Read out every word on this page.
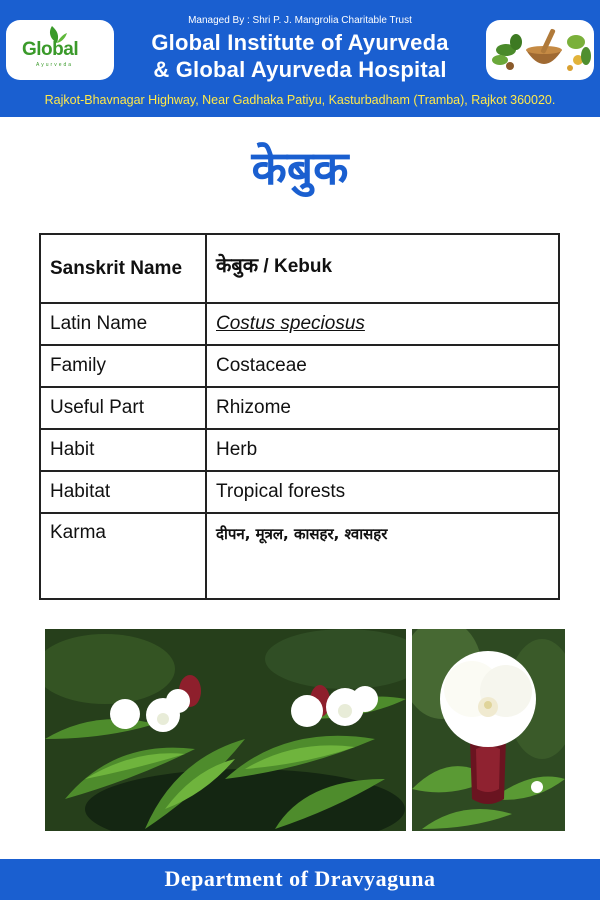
Global
Ayurveda
Managed By : Shri P. J. Mangrolia Charitable Trust
Global Institute of Ayurveda
& Global Ayurveda Hospital
Rajkot-Bhavnagar Highway, Near Gadhaka Patiyu, Kasturbadham (Tramba), Rajkot 360020.
केबुक
Sanskrit Name	केबुक / Kebuk
Latin Name	Costus speciosus
Family	Costaceae
Useful Part	Rhizome
Habit	Herb
Habitat	Tropical forests
Karma	दीपन, मूत्रल, कासहर, श्वासहर
Department of Dravyaguna
